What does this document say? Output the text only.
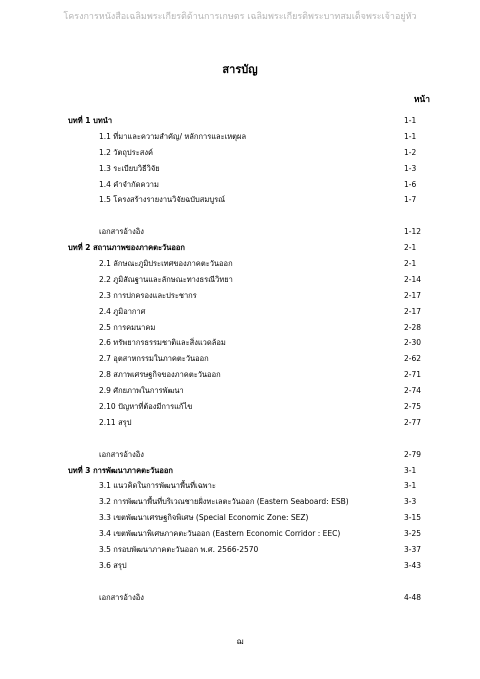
โครงการหนังสือเฉลิมพระเกียรติด้านการเกษตร เฉลิมพระเกียรติพระบาทสมเด็จพระเจ้าอยู่หัว
สารบัญ
หน้า
บทที่ 1 บทนำ	1-1
1.1 ที่มาและความสำคัญ/ หลักการและเหตุผล	1-1
1.2 วัตถุประสงค์	1-2
1.3 ระเบียบวิธีวิจัย	1-3
1.4 คำจำกัดความ	1-6
1.5 โครงสร้างรายงานวิจัยฉบับสมบูรณ์	1-7
เอกสารอ้างอิง	1-12
บทที่ 2 สถานภาพของภาคตะวันออก	2-1
2.1 ลักษณะภูมิประเทศของภาคตะวันออก	2-1
2.2 ภูมิสัณฐานและลักษณะทางธรณีวิทยา	2-14
2.3 การปกครองและประชากร	2-17
2.4 ภูมิอากาศ	2-17
2.5 การคมนาคม	2-28
2.6 ทรัพยากรธรรมชาติและสิ่งแวดล้อม	2-30
2.7 อุตสาหกรรมในภาคตะวันออก	2-62
2.8 สภาพเศรษฐกิจของภาคตะวันออก	2-71
2.9 ศักยภาพในการพัฒนา	2-74
2.10 ปัญหาที่ต้องมีการแก้ไข	2-75
2.11 สรุป	2-77
เอกสารอ้างอิง	2-79
บทที่ 3 การพัฒนาภาคตะวันออก	3-1
3.1 แนวคิดในการพัฒนาพื้นที่เฉพาะ	3-1
3.2 การพัฒนาพื้นที่บริเวณชายฝั่งทะเลตะวันออก (Eastern Seaboard: ESB)	3-3
3.3 เขตพัฒนาเศรษฐกิจพิเศษ (Special Economic Zone: SEZ)	3-15
3.4 เขตพัฒนาพิเศษภาคตะวันออก (Eastern Economic Corridor : EEC)	3-25
3.5 กรอบพัฒนาภาคตะวันออก พ.ศ. 2566-2570	3-37
3.6 สรุป	3-43
เอกสารอ้างอิง	4-48
ฌ
